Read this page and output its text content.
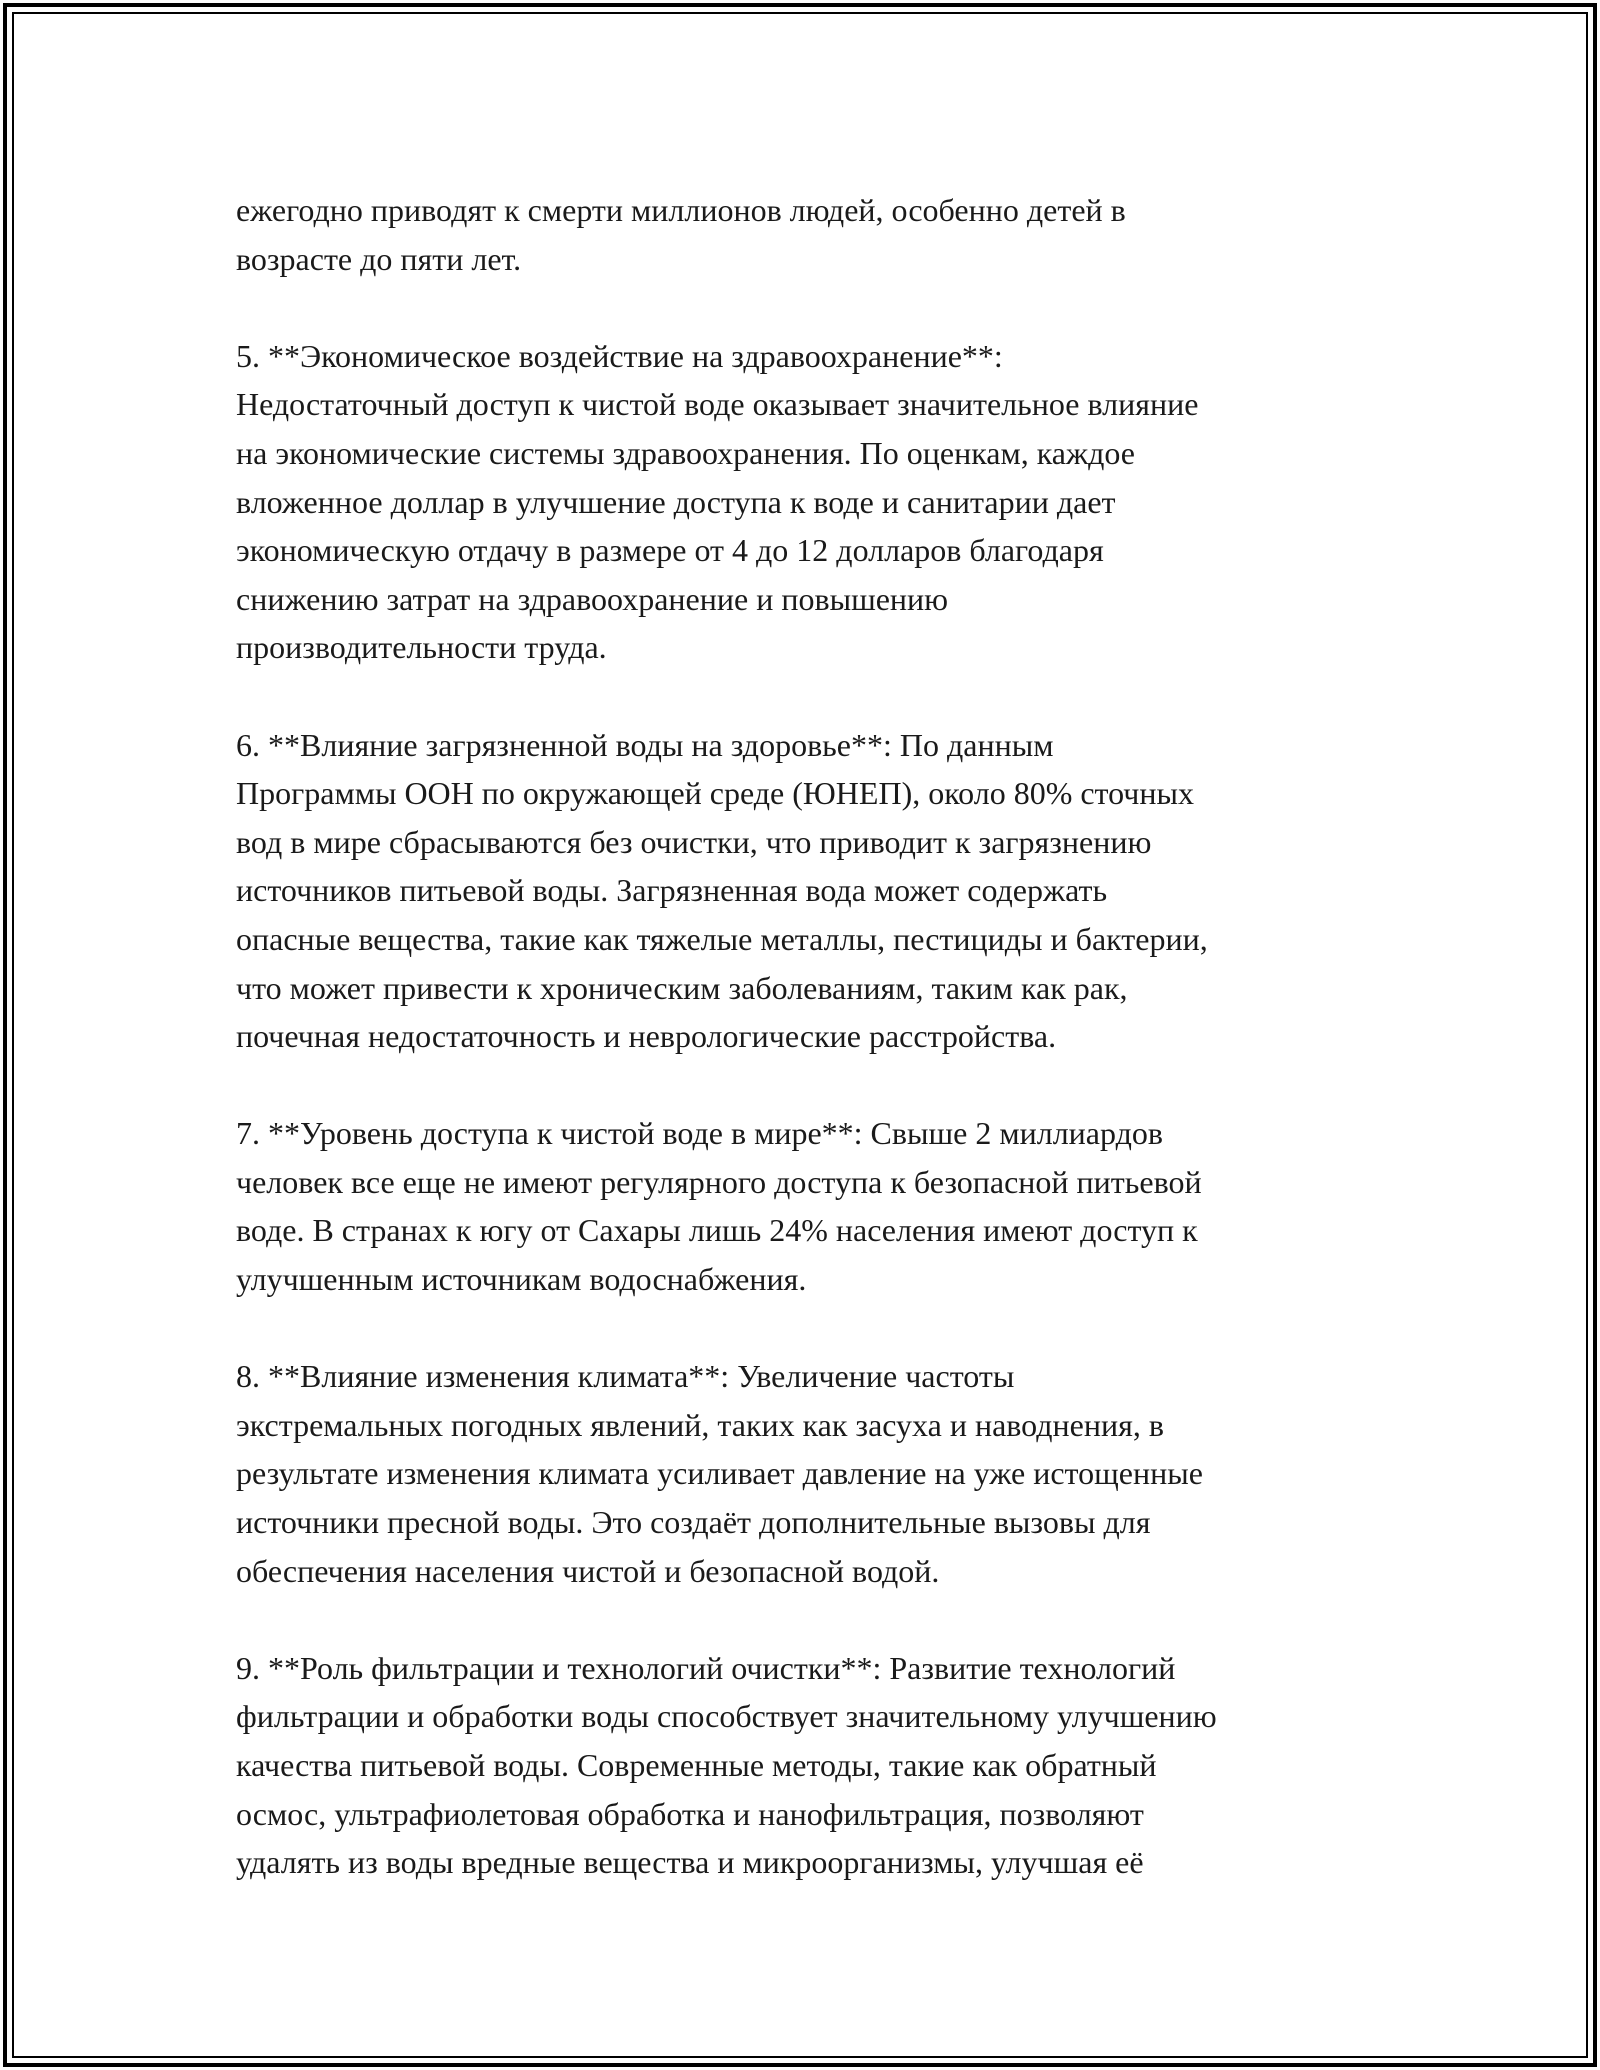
ежегодно приводят к смерти миллионов людей, особенно детей в
возрасте до пяти лет.

5. **Экономическое воздействие на здравоохранение**:
Недостаточный доступ к чистой воде оказывает значительное влияние
на экономические системы здравоохранения. По оценкам, каждое
вложенное доллар в улучшение доступа к воде и санитарии дает
экономическую отдачу в размере от 4 до 12 долларов благодаря
снижению затрат на здравоохранение и повышению
производительности труда.

6. **Влияние загрязненной воды на здоровье**: По данным
Программы ООН по окружающей среде (ЮНЕП), около 80% сточных
вод в мире сбрасываются без очистки, что приводит к загрязнению
источников питьевой воды. Загрязненная вода может содержать
опасные вещества, такие как тяжелые металлы, пестициды и бактерии,
что может привести к хроническим заболеваниям, таким как рак,
почечная недостаточность и неврологические расстройства.

7. **Уровень доступа к чистой воде в мире**: Свыше 2 миллиардов
человек все еще не имеют регулярного доступа к безопасной питьевой
воде. В странах к югу от Сахары лишь 24% населения имеют доступ к
улучшенным источникам водоснабжения.

8. **Влияние изменения климата**: Увеличение частоты
экстремальных погодных явлений, таких как засуха и наводнения, в
результате изменения климата усиливает давление на уже истощенные
источники пресной воды. Это создаёт дополнительные вызовы для
обеспечения населения чистой и безопасной водой.

9. **Роль фильтрации и технологий очистки**: Развитие технологий
фильтрации и обработки воды способствует значительному улучшению
качества питьевой воды. Современные методы, такие как обратный
осмос, ультрафиолетовая обработка и нанофильтрация, позволяют
удалять из воды вредные вещества и микроорганизмы, улучшая её
